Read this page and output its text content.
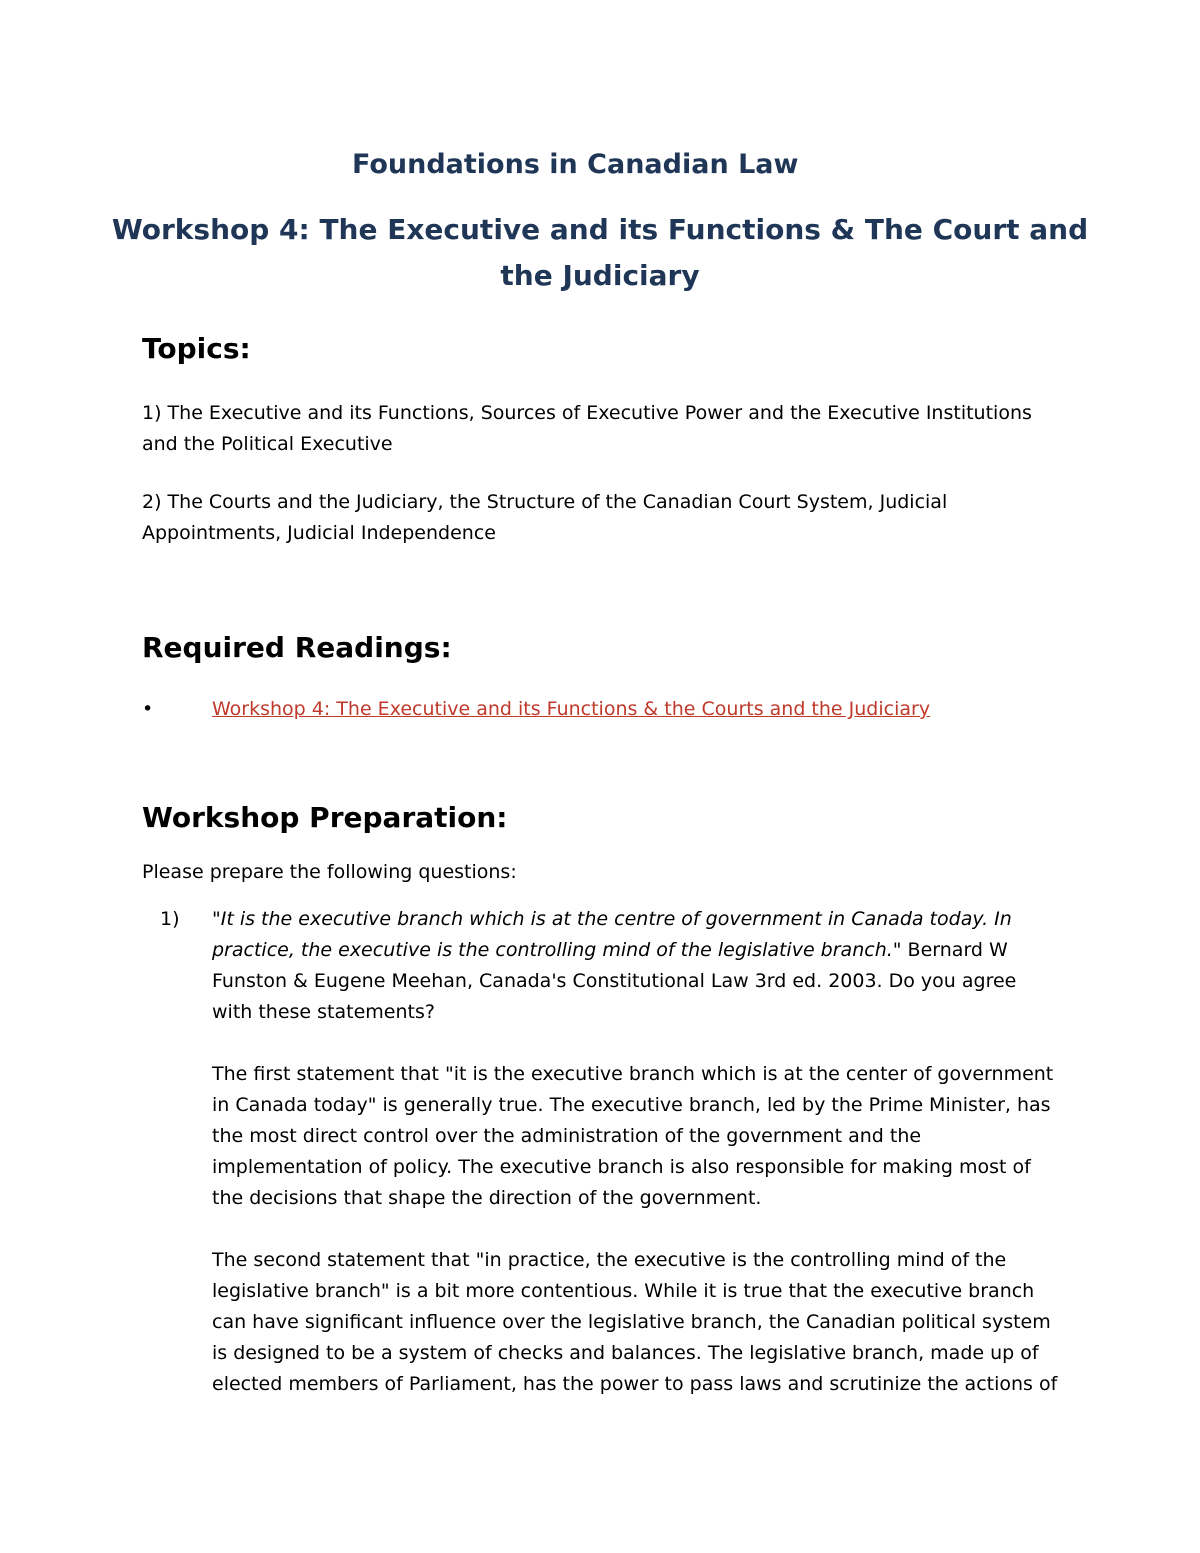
Foundations in Canadian Law
Workshop 4: The Executive and its Functions & The Court and
the Judiciary
Topics:
1) The Executive and its Functions, Sources of Executive Power and the Executive Institutions
and the Political Executive
2) The Courts and the Judiciary, the Structure of the Canadian Court System, Judicial
Appointments, Judicial Independence
Required Readings:
•	Workshop 4: The Executive and its Functions & the Courts and the Judiciary
Workshop Preparation:
Please prepare the following questions:
1) "It is the executive branch which is at the centre of government in Canada today. In
practice, the executive is the controlling mind of the legislative branch." Bernard W
Funston & Eugene Meehan, Canada's Constitutional Law 3rd ed. 2003. Do you agree
with these statements?
The first statement that "it is the executive branch which is at the center of government
in Canada today" is generally true. The executive branch, led by the Prime Minister, has
the most direct control over the administration of the government and the
implementation of policy. The executive branch is also responsible for making most of
the decisions that shape the direction of the government.
The second statement that "in practice, the executive is the controlling mind of the
legislative branch" is a bit more contentious. While it is true that the executive branch
can have significant influence over the legislative branch, the Canadian political system
is designed to be a system of checks and balances. The legislative branch, made up of
elected members of Parliament, has the power to pass laws and scrutinize the actions of
